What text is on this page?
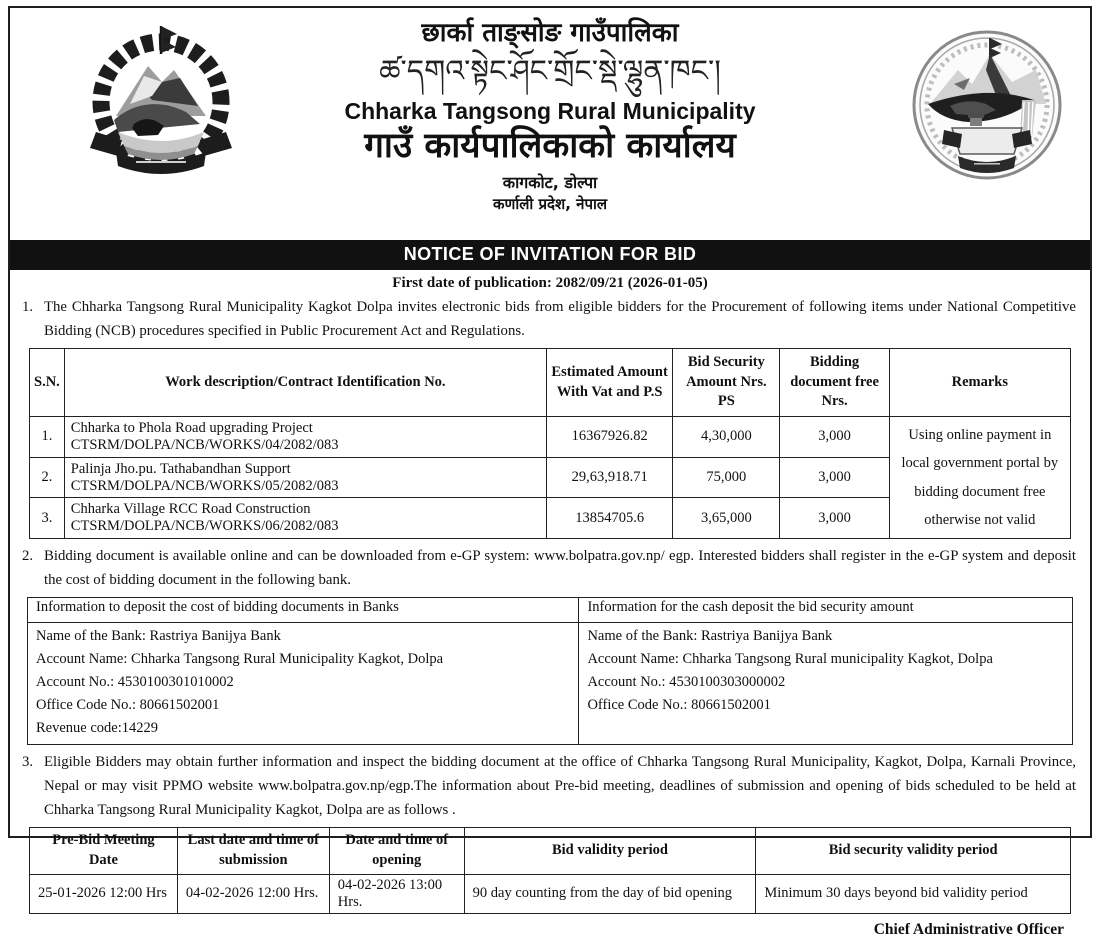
छार्का ताङ्सोङ गाउँपालिका
ཚ་དགའ་སྟེང་ཤོང་གྲོང་སྡེ་ལྷུན་ཁང་།
Chharka Tangsong Rural Municipality
गाउँ कार्यपालिकाको कार्यालय
कागकोट, डोल्पा
कर्णाली प्रदेश, नेपाल
NOTICE OF INVITATION FOR BID
First date of publication: 2082/09/21 (2026-01-05)
1. The Chharka Tangsong Rural Municipality Kagkot Dolpa invites electronic bids from eligible bidders for the Procurement of following items under National Competitive Bidding (NCB) procedures specified in Public Procurement Act and Regulations.
S.N.	Work description/Contract Identification No.	Estimated Amount With Vat and P.S	Bid Security Amount Nrs. PS	Bidding document free Nrs.	Remarks
1.	Chharka to Phola Road upgrading Project CTSRM/DOLPA/NCB/WORKS/04/2082/083	16367926.82	4,30,000	3,000	Using online payment in local government portal by bidding document free otherwise not valid
2.	Palinja Jho.pu. Tathabandhan Support CTSRM/DOLPA/NCB/WORKS/05/2082/083	29,63,918.71	75,000	3,000	
3.	Chharka Village RCC Road Construction CTSRM/DOLPA/NCB/WORKS/06/2082/083	13854705.6	3,65,000	3,000	
2. Bidding document is available online and can be downloaded from e-GP system: www.bolpatra.gov.np/ egp. Interested bidders shall register in the e-GP system and deposit the cost of bidding document in the following bank.
Information to deposit the cost of bidding documents in Banks	Information for the cash deposit the bid security amount

Name of the Bank: Rastriya Banijya Bank
Account Name: Chharka Tangsong Rural Municipality Kagkot, Dolpa
Account No.: 4530100301010002
Office Code No.: 80661502001
Revenue code:14229

Name of the Bank: Rastriya Banijya Bank
Account Name: Chharka Tangsong Rural municipality Kagkot, Dolpa
Account No.: 4530100303000002
Office Code No.: 80661502001
3. Eligible Bidders may obtain further information and inspect the bidding document at the office of Chharka Tangsong Rural Municipality, Kagkot, Dolpa, Karnali Province, Nepal or may visit PPMO website www.bolpatra.gov.np/egp.The information about Pre-bid meeting, deadlines of submission and opening of bids scheduled to be held at Chharka Tangsong Rural Municipality Kagkot, Dolpa are as follows .
Pre-Bid Meeting Date	Last date and time of submission	Date and time of opening	Bid validity period	Bid security validity period
25-01-2026 12:00 Hrs	04-02-2026 12:00 Hrs.	04-02-2026 13:00 Hrs.	90 day counting from the day of bid opening	Minimum 30 days beyond bid validity period
Chief Administrative Officer
